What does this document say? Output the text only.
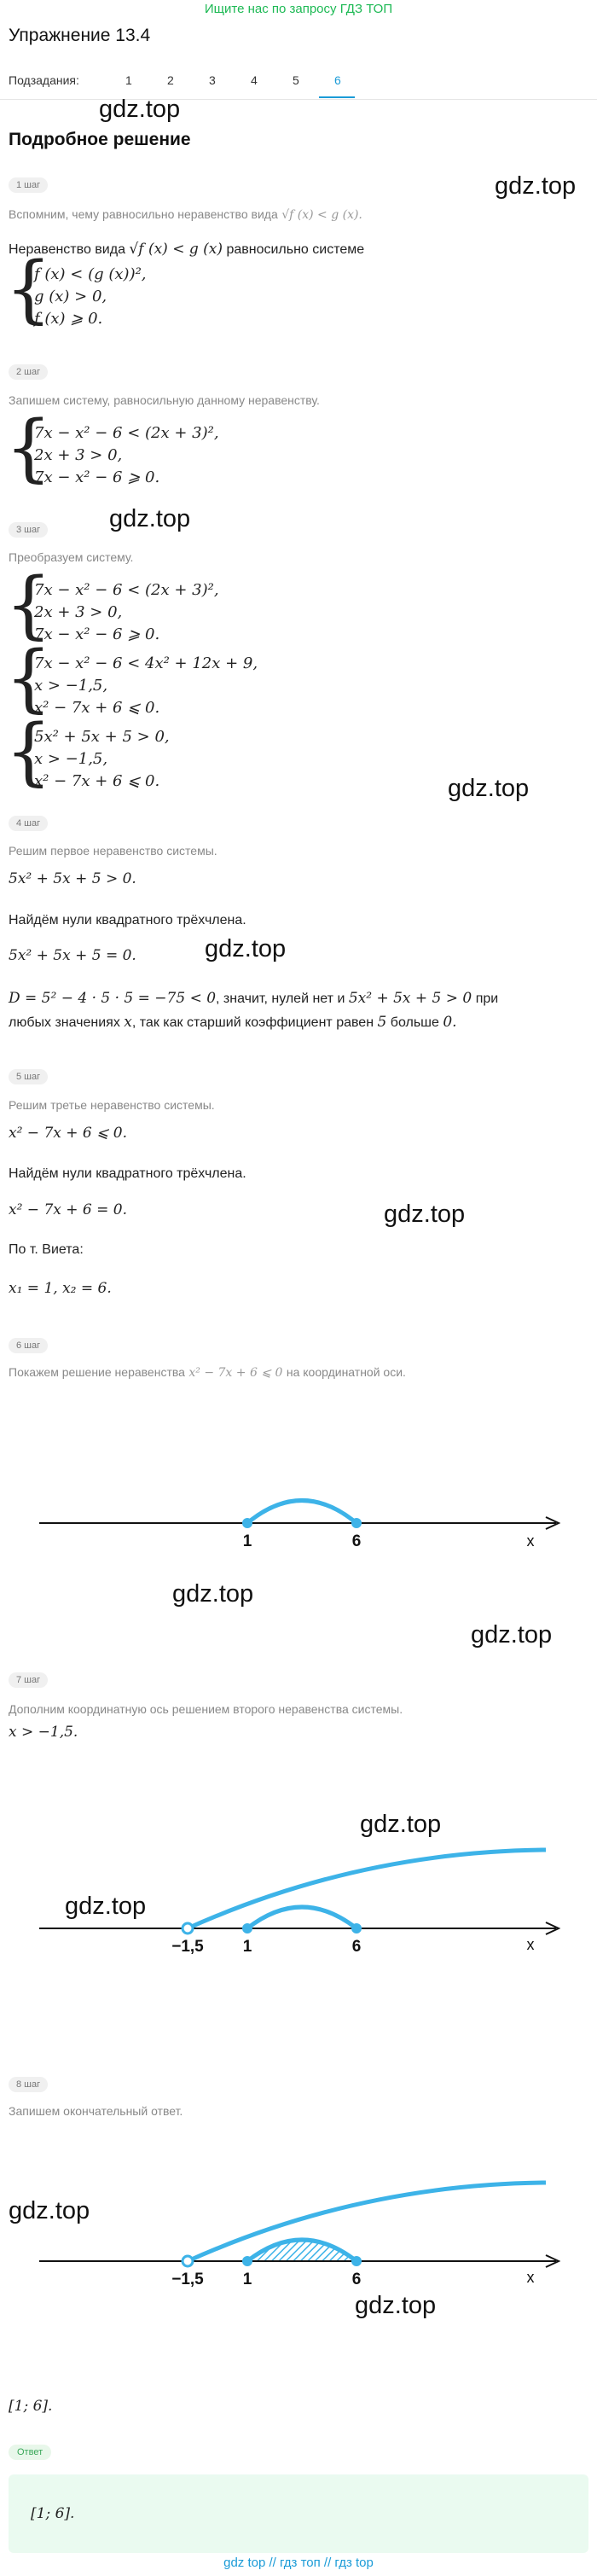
Ищите нас по запросу ГДЗ ТОП
Упражнение 13.4
Подзадания:	1	2	3	4	5	6
gdz.top
Подробное решение
gdz.top
1 шаг
Вспомним, чему равносильно неравенство вида √f (x) < g (x).
Неравенство вида √f (x) < g (x) равносильно системе
{
f (x) < (g (x))²,
g (x) > 0,
f (x) ⩾ 0.
2 шаг
Запишем систему, равносильную данному неравенству.
{
7x − x² − 6 < (2x + 3)²,
2x + 3 > 0,
7x − x² − 6 ⩾ 0.
gdz.top
3 шаг
Преобразуем систему.
{
7x − x² − 6 < (2x + 3)²,
2x + 3 > 0,
7x − x² − 6 ⩾ 0.
{
7x − x² − 6 < 4x² + 12x + 9,
x > −1,5,
x² − 7x + 6 ⩽ 0.
{
5x² + 5x + 5 > 0,
x > −1,5,
x² − 7x + 6 ⩽ 0.	gdz.top
4 шаг
Решим первое неравенство системы.
5x² + 5x + 5 > 0.
Найдём нули квадратного трёхчлена.
5x² + 5x + 5 = 0.	gdz.top
D = 5² − 4 · 5 · 5 = −75 < 0, значит, нулей нет и 5x² + 5x + 5 > 0 при
любых значениях x, так как старший коэффициент равен 5 больше 0.
5 шаг
Решим третье неравенство системы.
x² − 7x + 6 ⩽ 0.
Найдём нули квадратного трёхчлена.
x² − 7x + 6 = 0.	gdz.top
По т. Виета:
x₁ = 1, x₂ = 6.
6 шаг
Покажем решение неравенства x² − 7x + 6 ⩽ 0 на координатной оси.
1	6	x
gdz.top
gdz.top
7 шаг
Дополним координатную ось решением второго неравенства системы.
x > −1,5.
gdz.top
−1,5 1	6	x
gdz.top
8 шаг
Запишем окончательный ответ.
gdz.top
−1,5 1	6	x
gdz.top
[1; 6].
Ответ
[1; 6].
gdz top // гдз топ // гдз top
